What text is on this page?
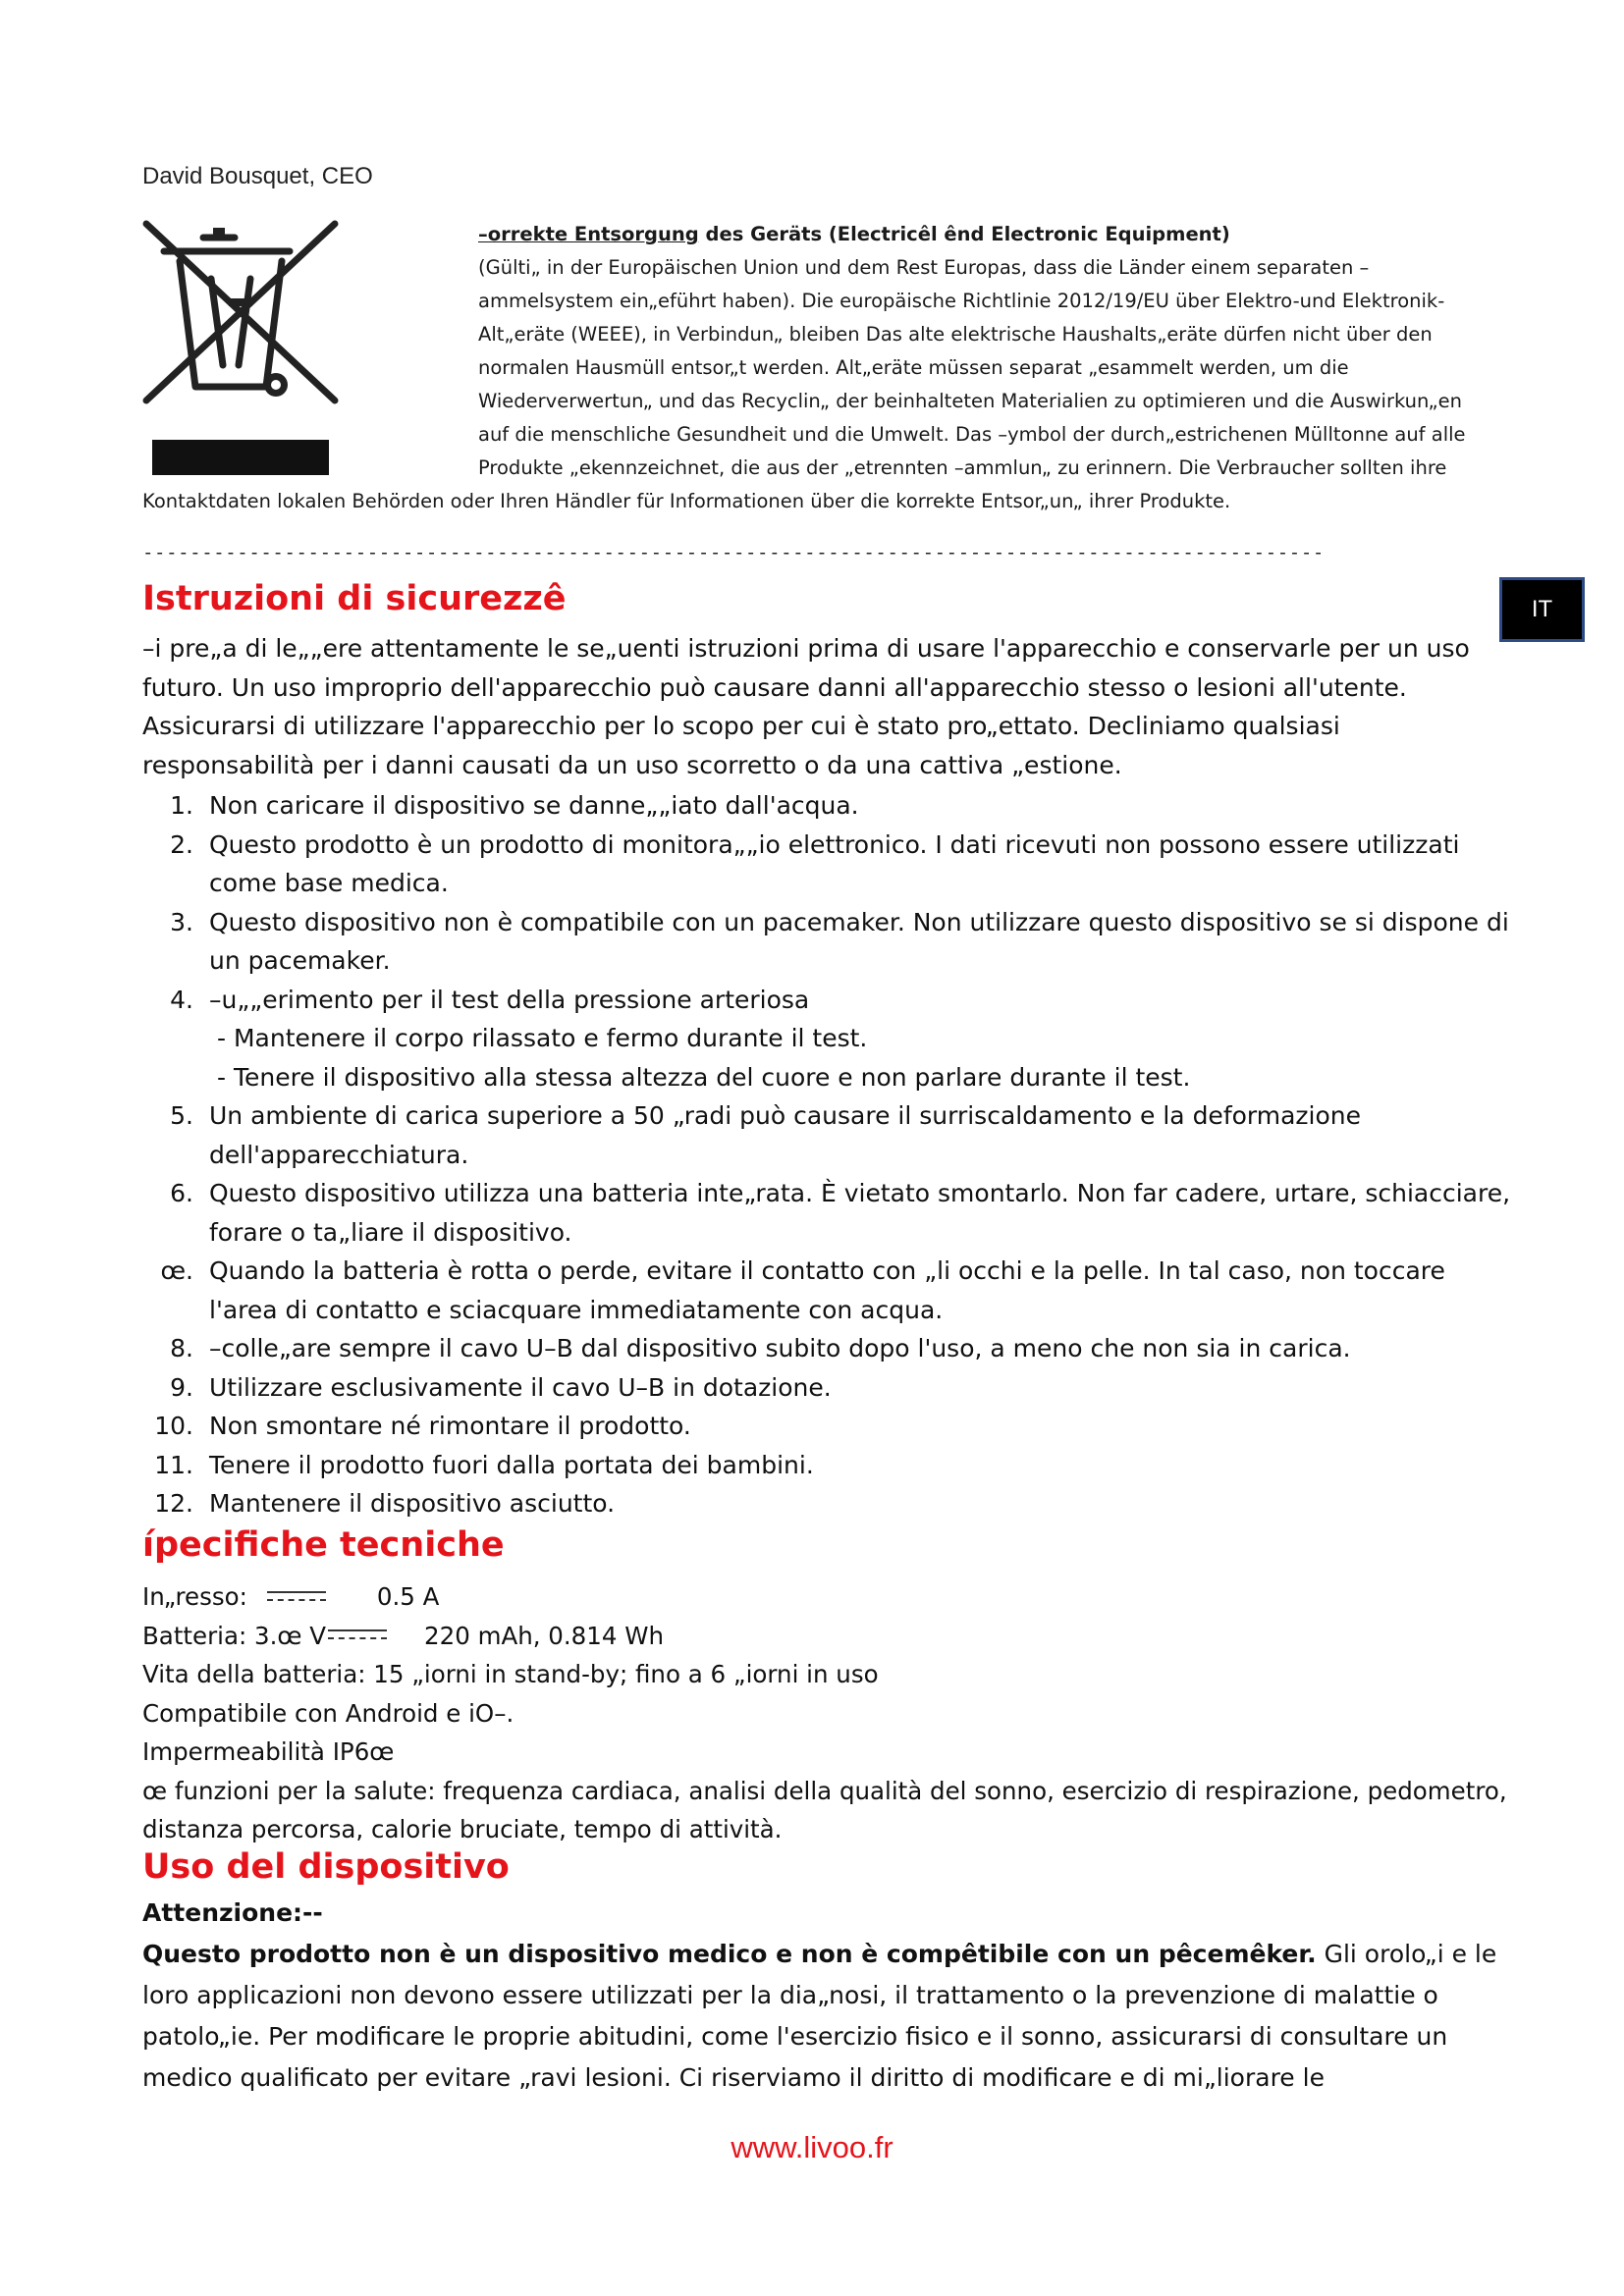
David Bousquet, CEO
–orrekte Entsorgung des Geräts (Electricêl ênd Electronic Equipment)
(Gülti„ in der Europäischen Union und dem Rest Europas, dass die Länder einem separaten –ammelsystem ein„eführt haben). Die europäische Richtlinie 2012/19/EU über Elektro-und Elektronik-Alt„eräte (WEEE), in Verbindun„ bleiben Das alte elektrische Haushalts„eräte dürfen nicht über den normalen Hausmüll entsor„t werden. Alt„eräte müssen separat „esammelt werden, um die Wiederverwertun„ und das Recyclin„ der beinhalteten Materialien zu optimieren und die Auswirkun„en auf die menschliche Gesundheit und die Umwelt. Das –ymbol der durch„estrichenen Mülltonne auf alle Produkte „ekennzeichnet, die aus der „etrennten –ammlun„ zu erinnern. Die Verbraucher sollten ihre Kontaktdaten lokalen Behörden oder Ihren Händler für Informationen über die korrekte Entsor„un„ ihrer Produkte.
----------------------------------------------------------------------------------------------------
IT
Istruzioni di sicurezzê
–i pre„a di le„„ere attentamente le se„uenti istruzioni prima di usare l'apparecchio e conservarle per un uso futuro. Un uso improprio dell'apparecchio può causare danni all'apparecchio stesso o lesioni all'utente. Assicurarsi di utilizzare l'apparecchio per lo scopo per cui è stato pro„ettato. Decliniamo qualsiasi responsabilità per i danni causati da un uso scorretto o da una cattiva „estione.
1. Non caricare il dispositivo se danne„„iato dall'acqua.
2. Questo prodotto è un prodotto di monitora„„io elettronico. I dati ricevuti non possono essere utilizzati come base medica.
3. Questo dispositivo non è compatibile con un pacemaker. Non utilizzare questo dispositivo se si dispone di un pacemaker.
4. –u„„erimento per il test della pressione arteriosa
- Mantenere il corpo rilassato e fermo durante il test.
- Tenere il dispositivo alla stessa altezza del cuore e non parlare durante il test.
5. Un ambiente di carica superiore a 50 „radi può causare il surriscaldamento e la deformazione dell'apparecchiatura.
6. Questo dispositivo utilizza una batteria inte„rata. È vietato smontarlo. Non far cadere, urtare, schiacciare, forare o ta„liare il dispositivo.
œ. Quando la batteria è rotta o perde, evitare il contatto con „li occhi e la pelle. In tal caso, non toccare l'area di contatto e sciacquare immediatamente con acqua.
8. –colle„are sempre il cavo U–B dal dispositivo subito dopo l'uso, a meno che non sia in carica.
9. Utilizzare esclusivamente il cavo U–B in dotazione.
10. Non smontare né rimontare il prodotto.
11. Tenere il prodotto fuori dalla portata dei bambini.
12. Mantenere il dispositivo asciutto.
ípecifiche tecniche
In„resso:	0.5 A
Batteria: 3.œ V	220 mAh, 0.814 Wh
Vita della batteria: 15 „iorni in stand-by; fino a 6 „iorni in uso
Compatibile con Android e iO–.
Impermeabilità IP6œ
œ funzioni per la salute: frequenza cardiaca, analisi della qualità del sonno, esercizio di respirazione, pedometro, distanza percorsa, calorie bruciate, tempo di attività.
Uso del dispositivo
Attenzione:--
Questo prodotto non è un dispositivo medico e non è compêtibile con un pêcemêker. Gli orolo„i e le loro applicazioni non devono essere utilizzati per la dia„nosi, il trattamento o la prevenzione di malattie o patolo„ie. Per modificare le proprie abitudini, come l'esercizio fisico e il sonno, assicurarsi di consultare un medico qualificato per evitare „ravi lesioni. Ci riserviamo il diritto di modificare e di mi„liorare le
www.livoo.fr
